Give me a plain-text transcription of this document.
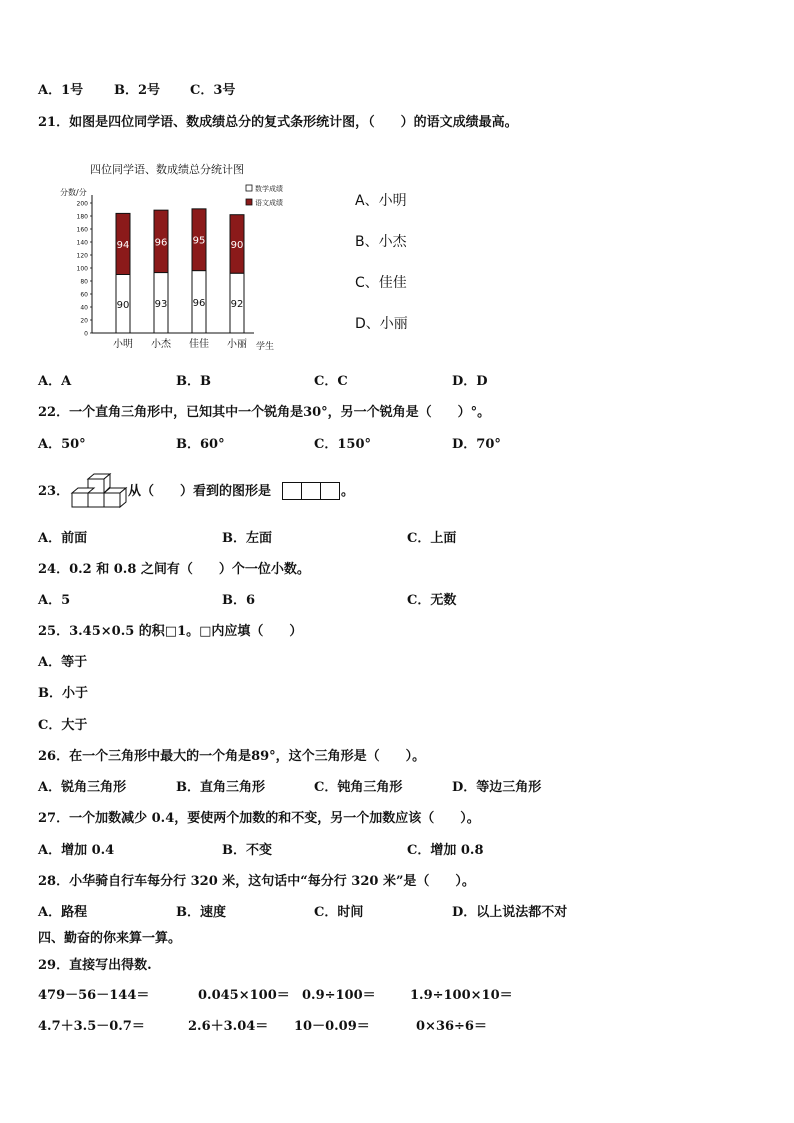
A．1号 B．2号 C．3号
21．如图是四位同学语、数成绩总分的复式条形统计图，（　　）的语文成绩最高。
四位同学语、数成绩总分统计图
分数/分
学生
数学成绩
语文成绩
0
20
40
60
80
100
120
140
160
180
200
90
94
小明
93
96
小杰
96
95
佳佳
92
90
小丽
A、小明
B、小杰
C、佳佳
D、小丽
A．A	B．B	C．C	D．D
22．一个直角三角形中，已知其中一个锐角是30°，另一个锐角是（　　）°。
A．50°	B．60°	C．150°	D．70°
23．	从（　　）看到的图形是	。
A．前面	B．左面	C．上面
24．0.2 和 0.8 之间有（　　）个一位小数。
A．5	B．6	C．无数
25．3.45×0.5 的积□1。□内应填（　　）
A．等于
B．小于
C．大于
26．在一个三角形中最大的一个角是89°，这个三角形是（　　）。
A．锐角三角形	B．直角三角形	C．钝角三角形	D．等边三角形
27．一个加数减少 0.4，要使两个加数的和不变，另一个加数应该（　　）。
A．增加 0.4	B．不变	C．增加 0.8
28．小华骑自行车每分行 320 米，这句话中“每分行 320 米”是（　　）。
A．路程	B．速度	C．时间	D．以上说法都不对
四、勤奋的你来算一算。
29．直接写出得数.
479－56－144＝	0.045×100＝ 0.9÷100＝	1.9÷100×10＝
4.7＋3.5－0.7＝	2.6＋3.04＝ 10－0.09＝	0×36÷6＝
